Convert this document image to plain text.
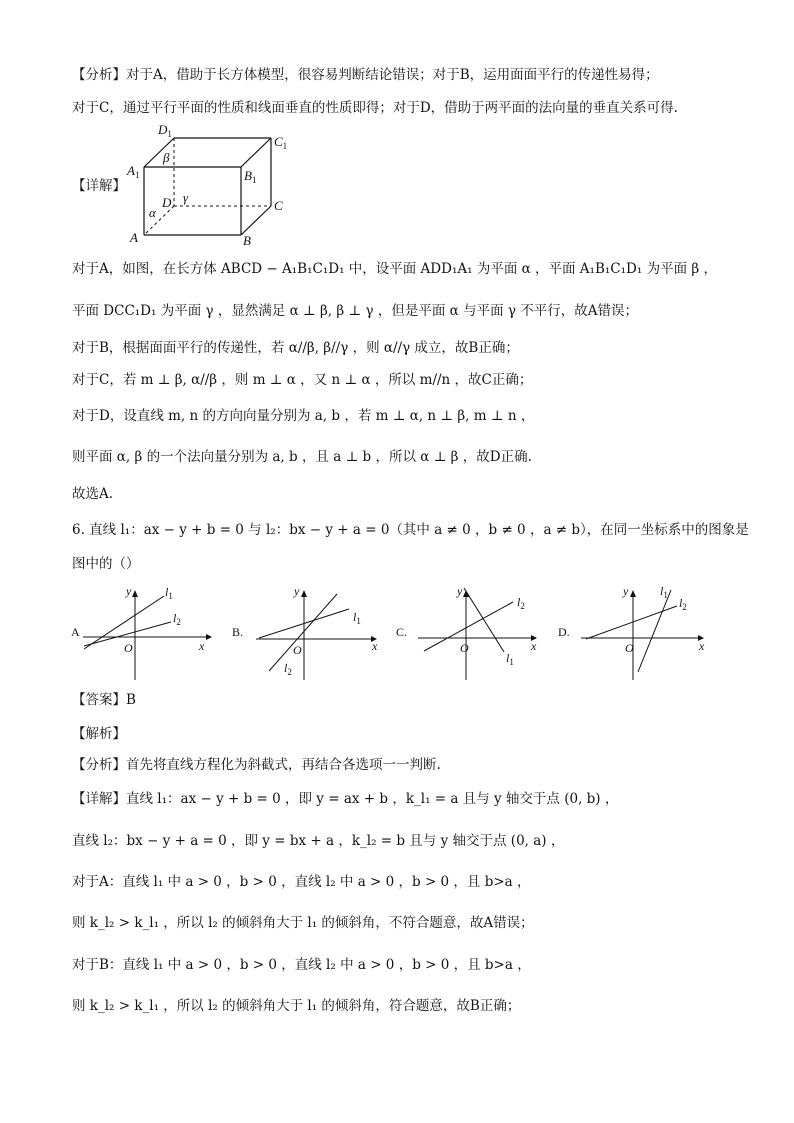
【分析】对于A，借助于长方体模型，很容易判断结论错误；对于B，运用面面平行的传递性易得；
对于C，通过平行平面的性质和线面垂直的性质即得；对于D，借助于两平面的法向量的垂直关系可得.
【详解】
$D_1$	$C_1$
$A_1$	$B_1$
D	C
A	B
β
γ
α
对于A，如图，在长方体 ABCD − A₁B₁C₁D₁ 中，设平面 ADD₁A₁ 为平面 α ，平面 A₁B₁C₁D₁ 为平面 β ，
平面 DCC₁D₁ 为平面 γ ，显然满足 α ⊥ β, β ⊥ γ ，但是平面 α 与平面 γ 不平行，故A错误；
对于B，根据面面平行的传递性，若 α//β, β//γ ，则 α//γ 成立，故B正确；
对于C，若 m ⊥ β, α//β ，则 m ⊥ α ，又 n ⊥ α ，所以 m//n ，故C正确；
对于D，设直线 m, n 的方向向量分别为 a, b ，若 m ⊥ α, n ⊥ β, m ⊥ n ，
则平面 α, β 的一个法向量分别为 a, b ，且 a ⊥ b ，所以 α ⊥ β ，故D正确.
故选A.
6. 直线 l₁：ax − y + b = 0 与 l₂：bx − y + a = 0（其中 a ≠ 0 ，b ≠ 0 ，a ≠ b），在同一坐标系中的图象是
图中的（）
A
y
x
O
$l_1$
$l_2$
B.
y
x
O
$l_1$
$l_2$
C.
y
x
O
$l_1$
$l_2$
D.
y
x
O
$l_1$
$l_2$
【答案】B
【解析】
【分析】首先将直线方程化为斜截式，再结合各选项一一判断.
【详解】直线 l₁：ax − y + b = 0 ，即 y = ax + b ，k_l₁ = a 且与 y 轴交于点 (0, b) ，
直线 l₂：bx − y + a = 0 ，即 y = bx + a ，k_l₂ = b 且与 y 轴交于点 (0, a) ，
对于A：直线 l₁ 中 a > 0 ，b > 0 ，直线 l₂ 中 a > 0 ，b > 0 ，且 b>a ，
则 k_l₂ > k_l₁ ，所以 l₂ 的倾斜角大于 l₁ 的倾斜角，不符合题意，故A错误；
对于B：直线 l₁ 中 a > 0 ，b > 0 ，直线 l₂ 中 a > 0 ，b > 0 ，且 b>a ，
则 k_l₂ > k_l₁ ，所以 l₂ 的倾斜角大于 l₁ 的倾斜角，符合题意，故B正确；
